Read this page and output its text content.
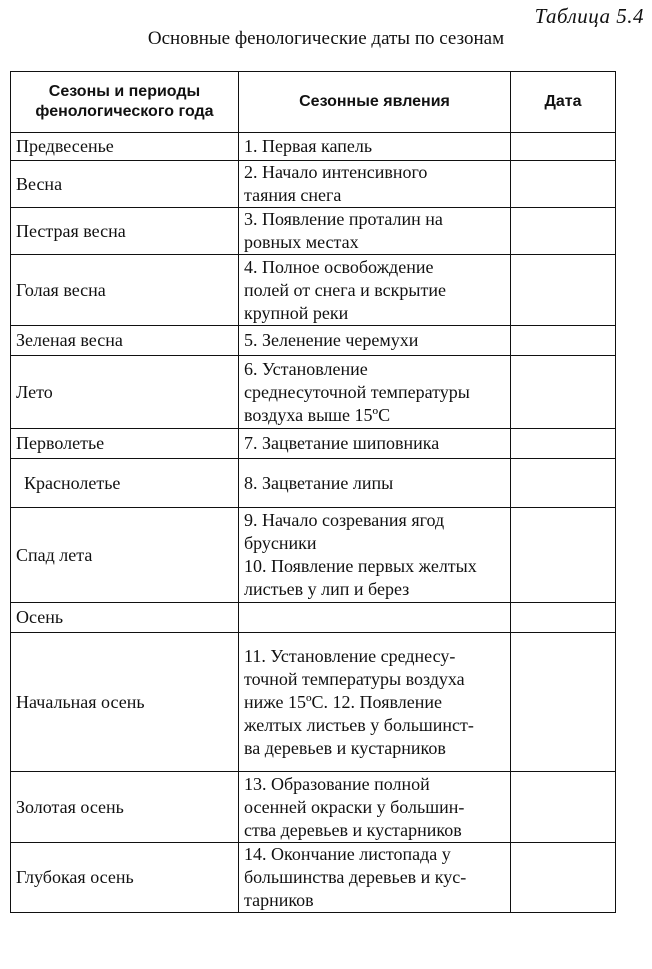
Таблица 5.4
Основные фенологические даты по сезонам
Сезоны и периоды фенологического года	Сезонные явления	Дата
Предвесенье	1. Первая капель	

Весна	2. Начало интенсивного
таяния снега	

Пестрая весна	3. Появление проталин на
ровных местах	

Голая весна	4. Полное освобождение
полей от снега и вскрытие
крупной реки	

Зеленая весна	5. Зеленение черемухи	

Лето	6. Установление
среднесуточной температуры
воздуха выше 15ºС	

Перволетье	7. Зацветание шиповника	

Краснолетье	8. Зацветание липы	

Спад лета	9. Начало созревания ягод
брусники
10. Появление первых желтых
листьев у лип и берез	

Осень		
Начальная осень	11. Установление среднесу-
точной температуры воздуха
ниже 15ºС. 12. Появление
желтых листьев у большинст-
ва деревьев и кустарников	

Золотая осень	13. Образование полной
осенней окраски у большин-
ства деревьев и кустарников	

Глубокая осень	14. Окончание листопада у
большинства деревьев и кус-
тарников	
